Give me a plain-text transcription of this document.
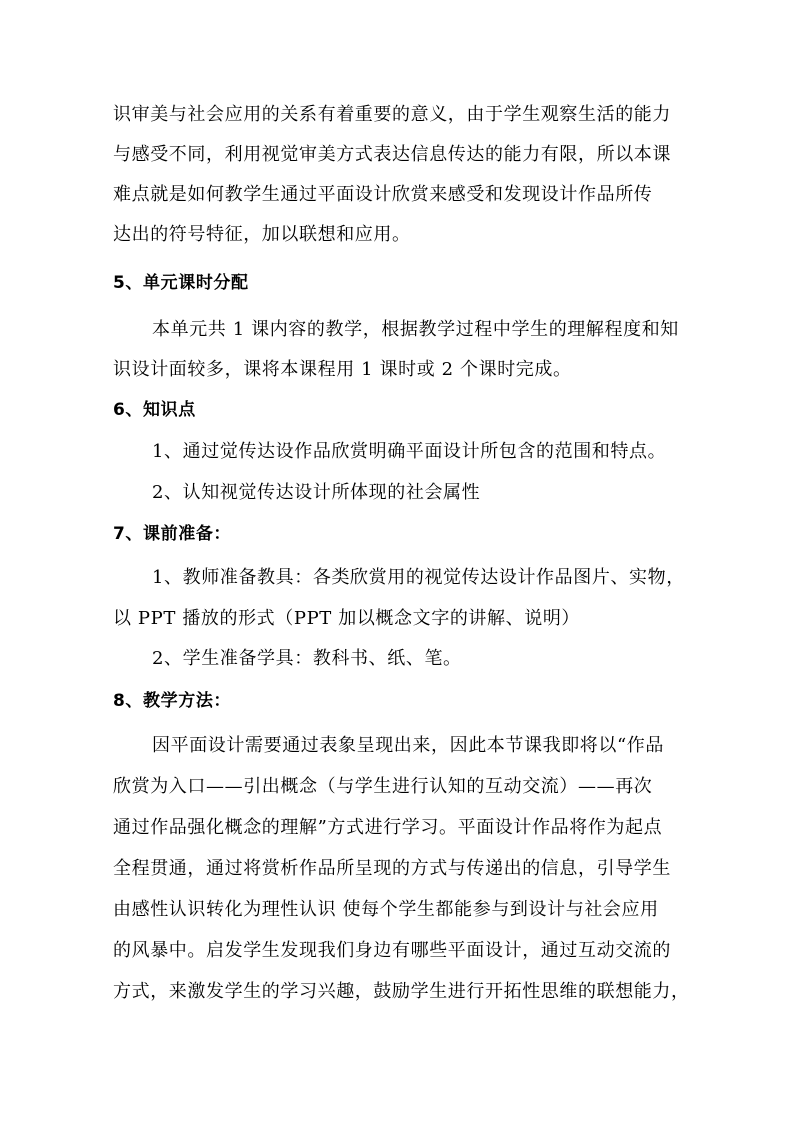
识审美与社会应用的关系有着重要的意义，由于学生观察生活的能力
与感受不同，利用视觉审美方式表达信息传达的能力有限，所以本课
难点就是如何教学生通过平面设计欣赏来感受和发现设计作品所传
达出的符号特征，加以联想和应用。
5、单元课时分配
本单元共 1 课内容的教学，根据教学过程中学生的理解程度和知
识设计面较多，课将本课程用 1 课时或 2 个课时完成。
6、知识点
1、通过觉传达设作品欣赏明确平面设计所包含的范围和特点。
2、认知视觉传达设计所体现的社会属性
7、课前准备：
1、教师准备教具：各类欣赏用的视觉传达设计作品图片、实物，
以 PPT 播放的形式（PPT 加以概念文字的讲解、说明）
2、学生准备学具：教科书、纸、笔。
8、教学方法：
因平面设计需要通过表象呈现出来，因此本节课我即将以“作品
欣赏为入口——引出概念（与学生进行认知的互动交流）——再次
通过作品强化概念的理解”方式进行学习。平面设计作品将作为起点
全程贯通，通过将赏析作品所呈现的方式与传递出的信息，引导学生
由感性认识转化为理性认识 使每个学生都能参与到设计与社会应用
的风暴中。启发学生发现我们身边有哪些平面设计，通过互动交流的
方式，来激发学生的学习兴趣，鼓励学生进行开拓性思维的联想能力，
